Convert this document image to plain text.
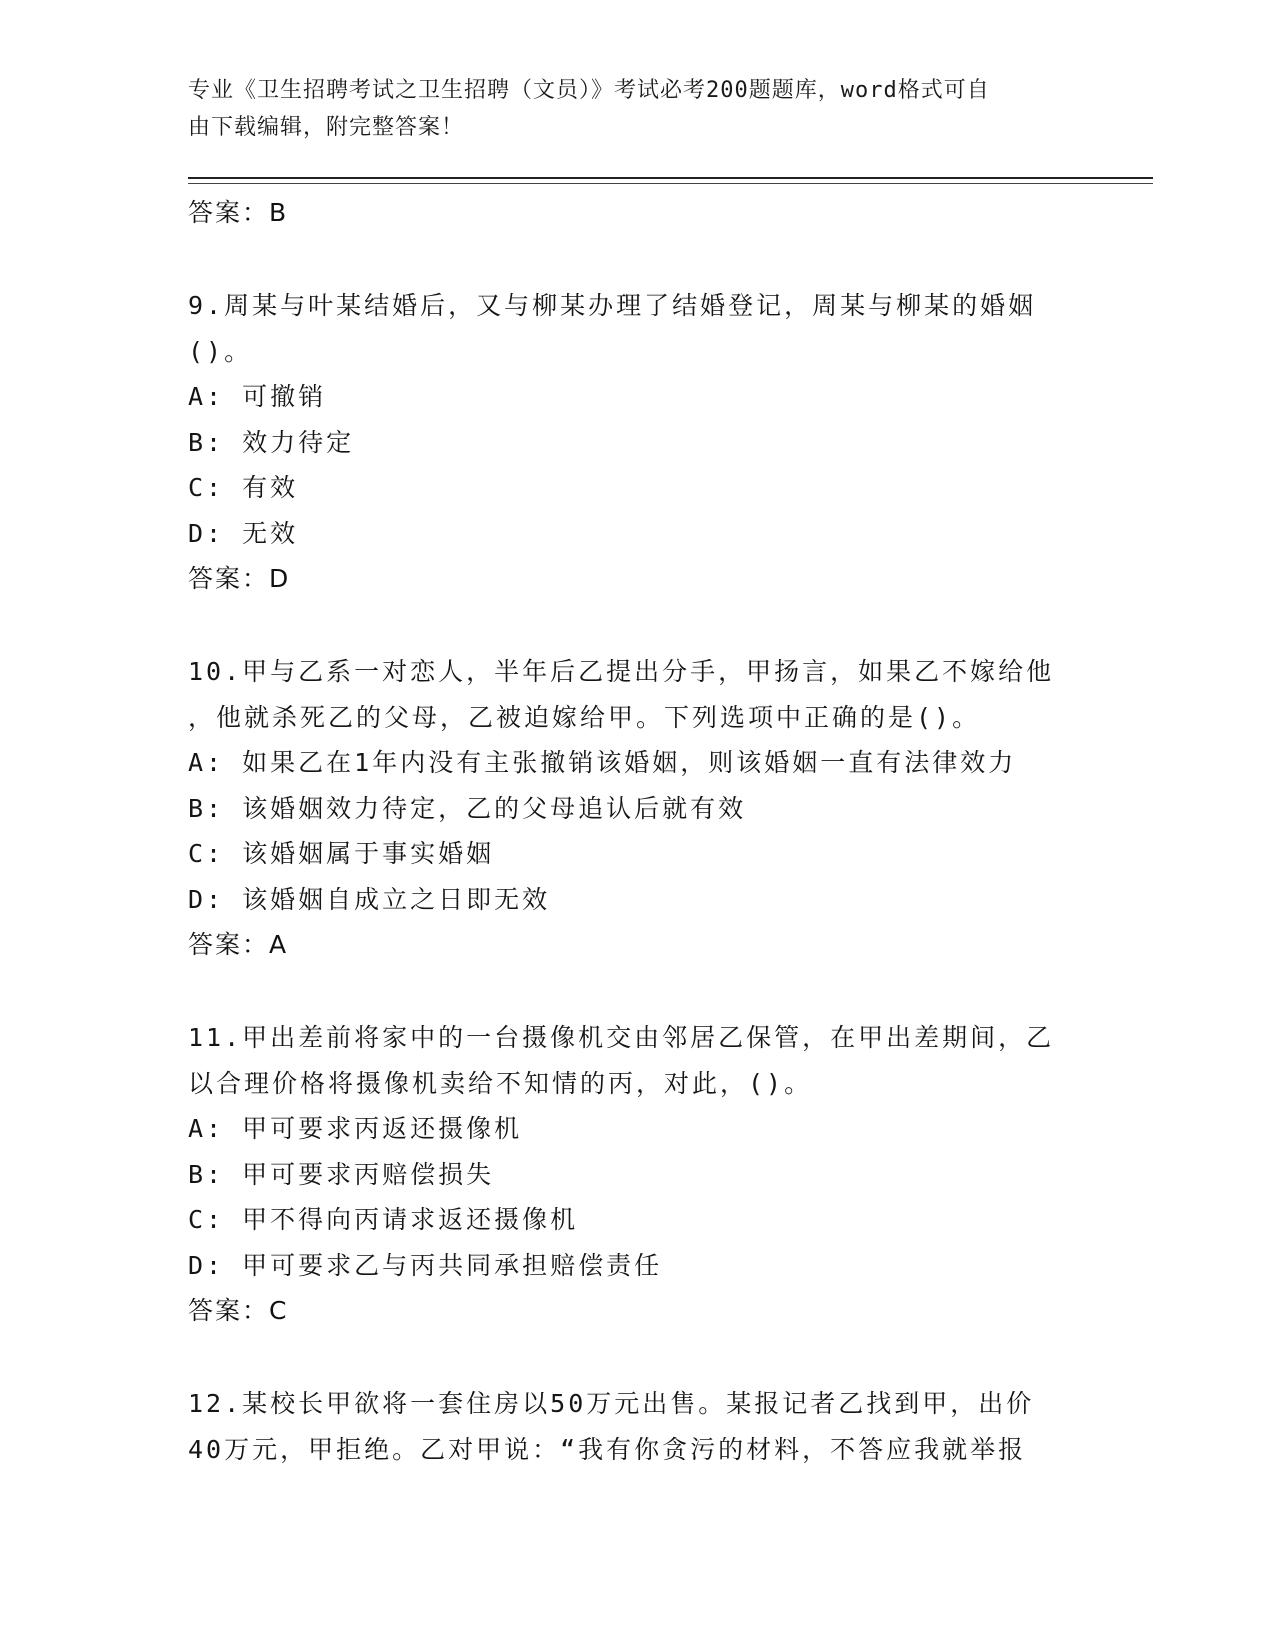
专业《卫生招聘考试之卫生招聘（文员）》考试必考200题题库，word格式可自
由下载编辑，附完整答案！
答案：B
9.周某与叶某结婚后，又与柳某办理了结婚登记，周某与柳某的婚姻
()。
A: 可撤销
B: 效力待定
C: 有效
D: 无效
答案：D
10.甲与乙系一对恋人，半年后乙提出分手，甲扬言，如果乙不嫁给他
，他就杀死乙的父母，乙被迫嫁给甲。下列选项中正确的是()。
A: 如果乙在1年内没有主张撤销该婚姻，则该婚姻一直有法律效力
B: 该婚姻效力待定，乙的父母追认后就有效
C: 该婚姻属于事实婚姻
D: 该婚姻自成立之日即无效
答案：A
11.甲出差前将家中的一台摄像机交由邻居乙保管，在甲出差期间，乙
以合理价格将摄像机卖给不知情的丙，对此，()。
A: 甲可要求丙返还摄像机
B: 甲可要求丙赔偿损失
C: 甲不得向丙请求返还摄像机
D: 甲可要求乙与丙共同承担赔偿责任
答案：C
12.某校长甲欲将一套住房以50万元出售。某报记者乙找到甲，出价
40万元，甲拒绝。乙对甲说：“我有你贪污的材料，不答应我就举报
